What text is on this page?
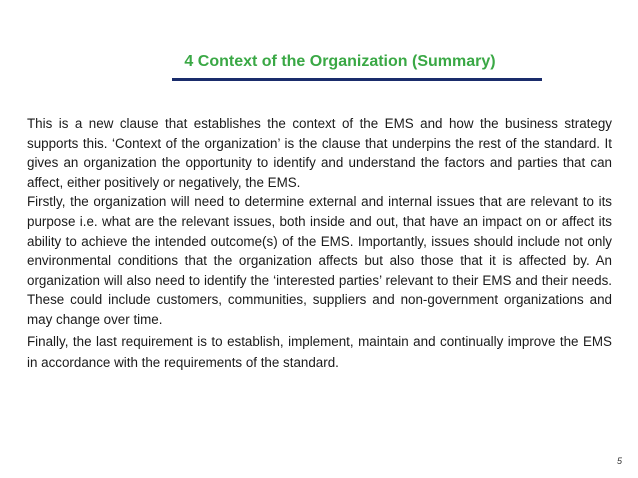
4 Context of the Organization (Summary)

This is a new clause that establishes the context of the EMS and how the business strategy supports this. ‘Context of the organization’ is the clause that underpins the rest of the standard. It gives an organization the opportunity to identify and understand the factors and parties that can affect, either positively or negatively, the EMS.

Firstly, the organization will need to determine external and internal issues that are relevant to its purpose i.e. what are the relevant issues, both inside and out, that have an impact on or affect its ability to achieve the intended outcome(s) of the EMS. Importantly, issues should include not only environmental conditions that the organization affects but also those that it is affected by. An organization will also need to identify the ‘interested parties’ relevant to their EMS and their needs. These could include customers, communities, suppliers and non-government organizations and may change over time.

Finally, the last requirement is to establish, implement, maintain and continually improve the EMS in accordance with the requirements of the standard.

5
